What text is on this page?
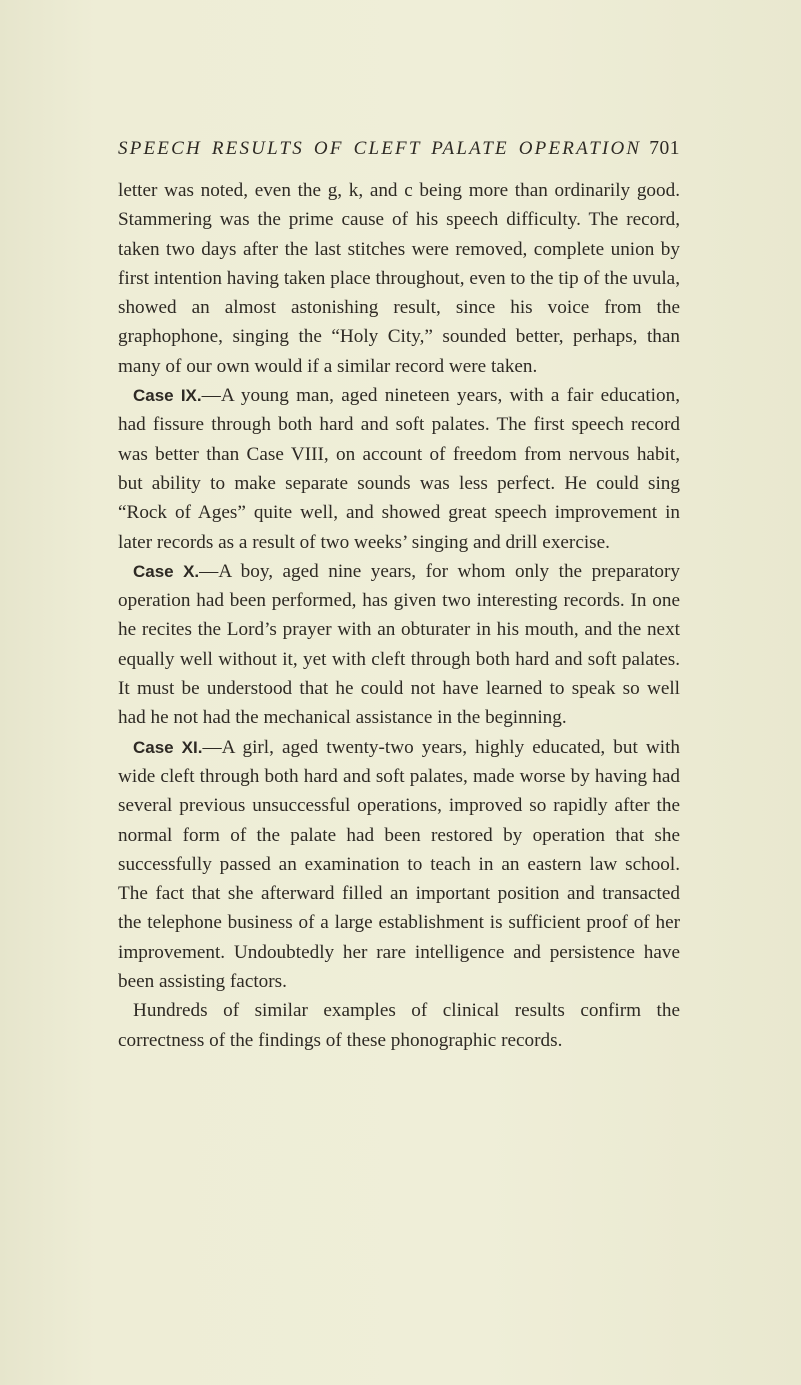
SPEECH RESULTS OF CLEFT PALATE OPERATION 701

letter was noted, even the g, k, and c being more than ordinarily good. Stammering was the prime cause of his speech difficulty. The record, taken two days after the last stitches were removed, complete union by first intention having taken place throughout, even to the tip of the uvula, showed an almost astonishing result, since his voice from the graphophone, singing the “Holy City,” sounded better, perhaps, than many of our own would if a similar record were taken.

Case IX.—A young man, aged nineteen years, with a fair education, had fissure through both hard and soft palates. The first speech record was better than Case VIII, on account of freedom from nervous habit, but ability to make separate sounds was less perfect. He could sing “Rock of Ages” quite well, and showed great speech improvement in later records as a result of two weeks’ singing and drill exercise.

Case X.—A boy, aged nine years, for whom only the preparatory operation had been performed, has given two interesting records. In one he recites the Lord’s prayer with an obturater in his mouth, and the next equally well without it, yet with cleft through both hard and soft palates. It must be understood that he could not have learned to speak so well had he not had the mechanical assistance in the beginning.

Case XI.—A girl, aged twenty-two years, highly educated, but with wide cleft through both hard and soft palates, made worse by having had several previous unsuccessful operations, improved so rapidly after the normal form of the palate had been restored by operation that she successfully passed an examination to teach in an eastern law school. The fact that she afterward filled an important position and transacted the telephone business of a large establishment is sufficient proof of her improvement. Undoubtedly her rare intelligence and persistence have been assisting factors.

Hundreds of similar examples of clinical results confirm the correctness of the findings of these phonographic records.
